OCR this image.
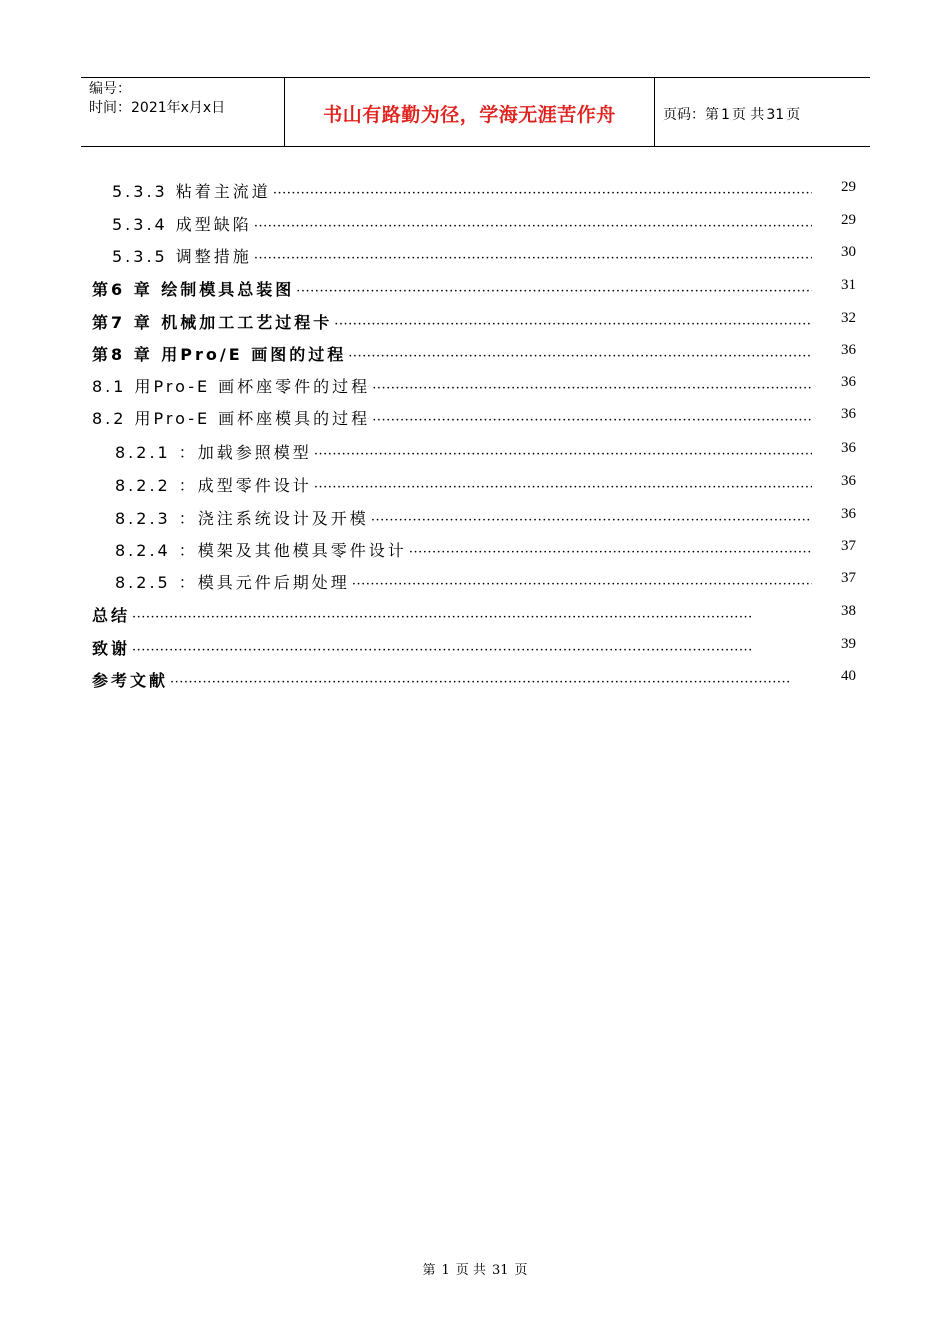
编号：
时间：2021年x月x日	书山有路勤为径，学海无涯苦作舟	页码：第 1 页 共 31 页
5.3.3 粘着主流道 ·····	29
5.3.4 成型缺陷 ·····	29
5.3.5 调整措施 ·····	30
第6 章 绘制模具总装图 ·····	31
第7 章 机械加工工艺过程卡 ·····	32
第8 章 用Pro/E 画图的过程 ·····	36
8.1 用Pro-E 画杯座零件的过程 ·····	36
8.2 用Pro-E 画杯座模具的过程 ·····	36
8.2.1 ：加载参照模型 ·····	36
8.2.2 ：成型零件设计 ·····	36
8.2.3 ：浇注系统设计及开模 ·····	36
8.2.4 ：模架及其他模具零件设计 ·····	37
8.2.5 ：模具元件后期处理 ·····	37
总结 ·····	38
致谢 ·····	39
参考文献 ·····	40
第 1 页 共 31 页
